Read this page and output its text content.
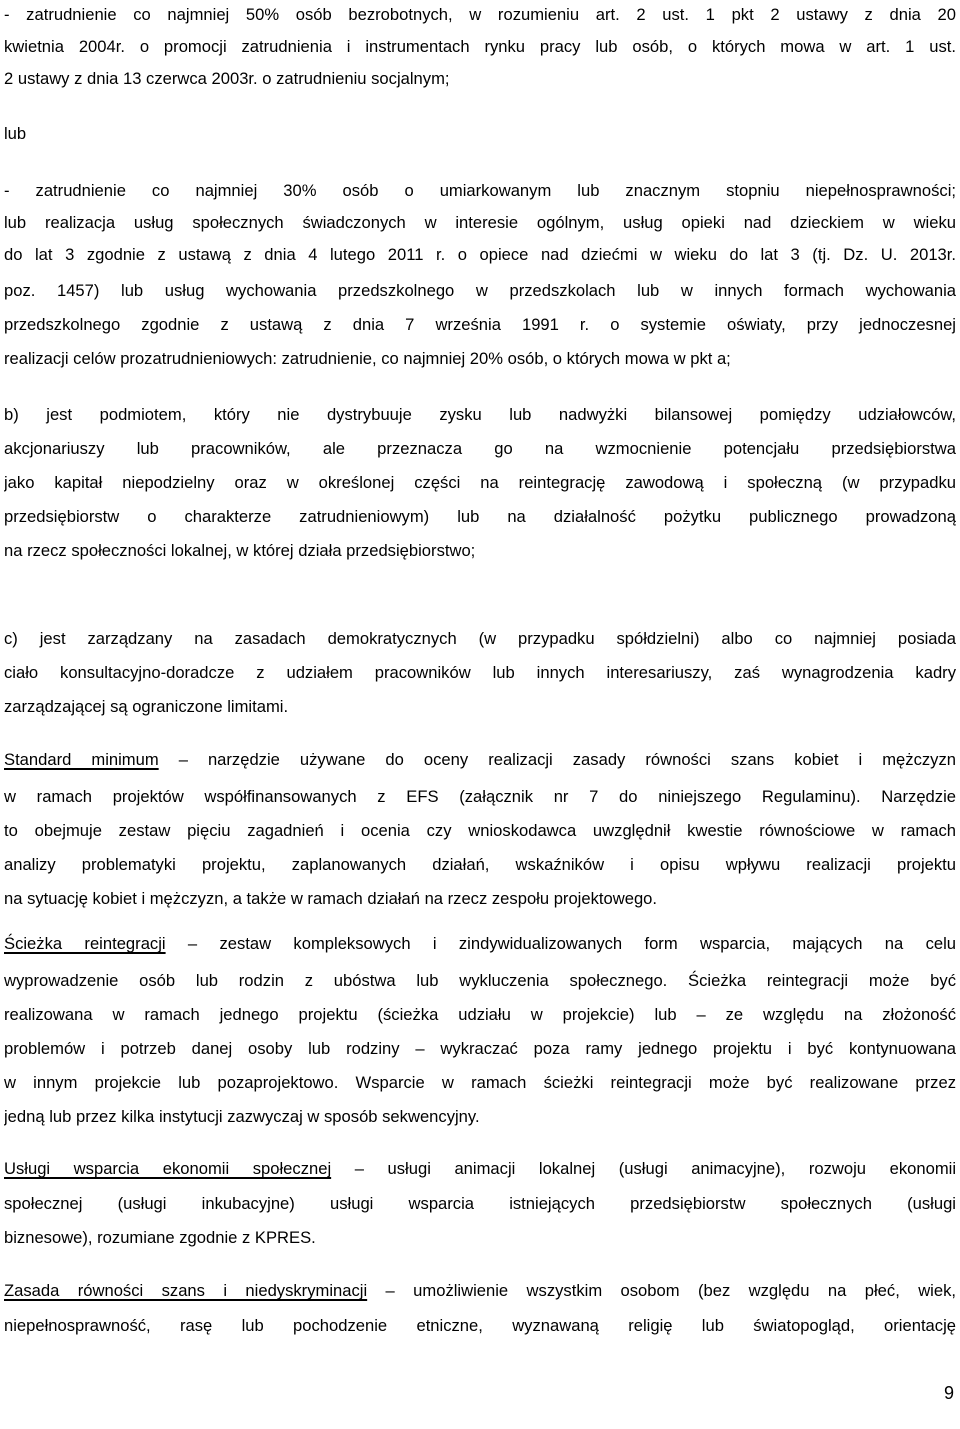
- zatrudnienie co najmniej 50% osób bezrobotnych, w rozumieniu art. 2 ust. 1 pkt 2 ustawy z dnia 20
kwietnia 2004r. o promocji zatrudnienia i instrumentach rynku pracy lub osób, o których mowa w art. 1 ust.
2 ustawy z dnia 13 czerwca 2003r. o zatrudnieniu socjalnym;
lub
- zatrudnienie co najmniej 30% osób o umiarkowanym lub znacznym stopniu niepełnosprawności;
lub realizacja usług społecznych świadczonych w interesie ogólnym, usług opieki nad dzieckiem w wieku
do lat 3 zgodnie z ustawą z dnia 4 lutego 2011 r. o opiece nad dziećmi w wieku do lat 3 (tj. Dz. U. 2013r.
poz. 1457) lub usług wychowania przedszkolnego w przedszkolach lub w innych formach wychowania
przedszkolnego zgodnie z ustawą z dnia 7 września 1991 r. o systemie oświaty, przy jednoczesnej
realizacji celów prozatrudnieniowych: zatrudnienie, co najmniej 20% osób, o których mowa w pkt a;
b) jest podmiotem, który nie dystrybuuje zysku lub nadwyżki bilansowej pomiędzy udziałowców,
akcjonariuszy lub pracowników, ale przeznacza go na wzmocnienie potencjału przedsiębiorstwa
jako kapitał niepodzielny oraz w określonej części na reintegrację zawodową i społeczną (w przypadku
przedsiębiorstw o charakterze zatrudnieniowym) lub na działalność pożytku publicznego prowadzoną
na rzecz społeczności lokalnej, w której działa przedsiębiorstwo;
c) jest zarządzany na zasadach demokratycznych (w przypadku spółdzielni) albo co najmniej posiada
ciało konsultacyjno-doradcze z udziałem pracowników lub innych interesariuszy, zaś wynagrodzenia kadry
zarządzającej są ograniczone limitami.
Standard minimum – narzędzie używane do oceny realizacji zasady równości szans kobiet i mężczyzn
w ramach projektów współfinansowanych z EFS (załącznik nr 7 do niniejszego Regulaminu). Narzędzie
to obejmuje zestaw pięciu zagadnień i ocenia czy wnioskodawca uwzględnił kwestie równościowe w ramach
analizy problematyki projektu, zaplanowanych działań, wskaźników i opisu wpływu realizacji projektu
na sytuację kobiet i mężczyzn, a także w ramach działań na rzecz zespołu projektowego.
Ścieżka reintegracji – zestaw kompleksowych i zindywidualizowanych form wsparcia, mających na celu
wyprowadzenie osób lub rodzin z ubóstwa lub wykluczenia społecznego. Ścieżka reintegracji może być
realizowana w ramach jednego projektu (ścieżka udziału w projekcie) lub – ze względu na złożoność
problemów i potrzeb danej osoby lub rodziny – wykraczać poza ramy jednego projektu i być kontynuowana
w innym projekcie lub pozaprojektowo. Wsparcie w ramach ścieżki reintegracji może być realizowane przez
jedną lub przez kilka instytucji zazwyczaj w sposób sekwencyjny.
Usługi wsparcia ekonomii społecznej – usługi animacji lokalnej (usługi animacyjne), rozwoju ekonomii
społecznej (usługi inkubacyjne) usługi wsparcia istniejących przedsiębiorstw społecznych (usługi
biznesowe), rozumiane zgodnie z KPRES.
Zasada równości szans i niedyskryminacji – umożliwienie wszystkim osobom (bez względu na płeć, wiek,
niepełnosprawność, rasę lub pochodzenie etniczne, wyznawaną religię lub światopogląd, orientację
9
